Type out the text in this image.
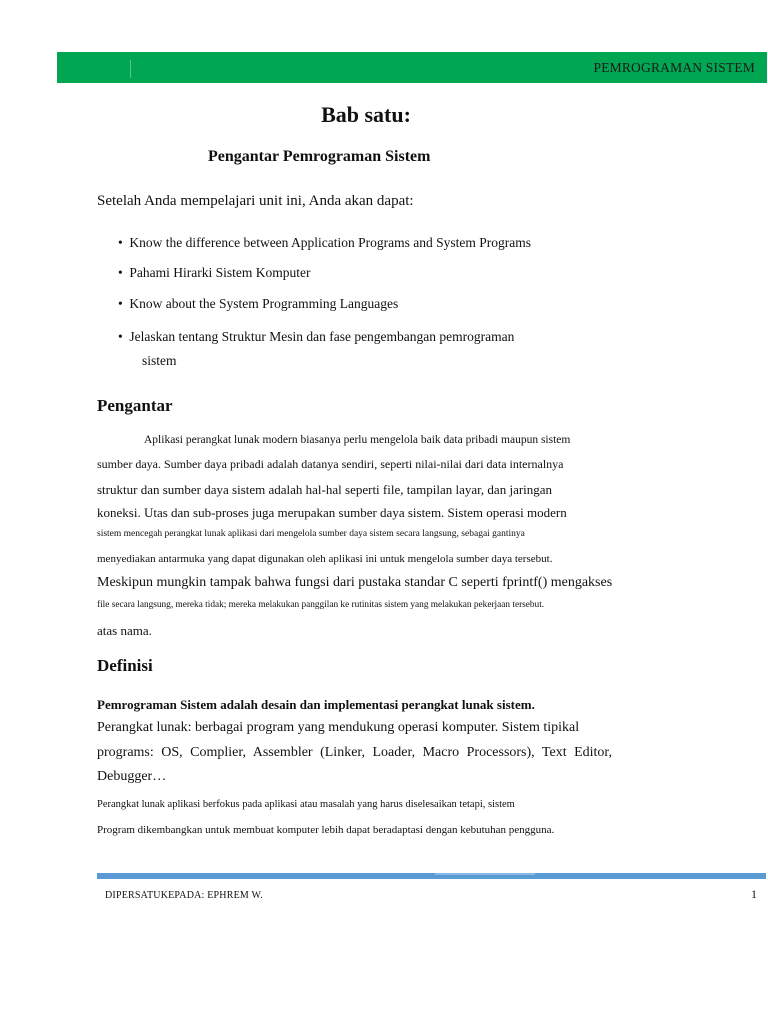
PEMROGRAMAN SISTEM
Bab satu:
Pengantar Pemrograman Sistem
Setelah Anda mempelajari unit ini, Anda akan dapat:
• Know the difference between Application Programs and System Programs
• Pahami Hirarki Sistem Komputer
• Know about the System Programming Languages
• Jelaskan tentang Struktur Mesin dan fase pengembangan pemrograman
sistem
Pengantar
Aplikasi perangkat lunak modern biasanya perlu mengelola baik data pribadi maupun sistem
sumber daya. Sumber daya pribadi adalah datanya sendiri, seperti nilai-nilai dari data internalnya
struktur dan sumber daya sistem adalah hal-hal seperti file, tampilan layar, dan jaringan
koneksi. Utas dan sub-proses juga merupakan sumber daya sistem. Sistem operasi modern
sistem mencegah perangkat lunak aplikasi dari mengelola sumber daya sistem secara langsung, sebagai gantinya
menyediakan antarmuka yang dapat digunakan oleh aplikasi ini untuk mengelola sumber daya tersebut.
Meskipun mungkin tampak bahwa fungsi dari pustaka standar C seperti fprintf() mengakses
file secara langsung, mereka tidak; mereka melakukan panggilan ke rutinitas sistem yang melakukan pekerjaan tersebut.
atas nama.
Definisi
Pemrograman Sistem adalah desain dan implementasi perangkat lunak sistem.
Perangkat lunak: berbagai program yang mendukung operasi komputer. Sistem tipikal
programs: OS, Complier, Assembler (Linker, Loader, Macro Processors), Text Editor,
Debugger…
Perangkat lunak aplikasi berfokus pada aplikasi atau masalah yang harus diselesaikan tetapi, sistem
Program dikembangkan untuk membuat komputer lebih dapat beradaptasi dengan kebutuhan pengguna.
DIPERSATUKEPADA: EPHREM W.	1
